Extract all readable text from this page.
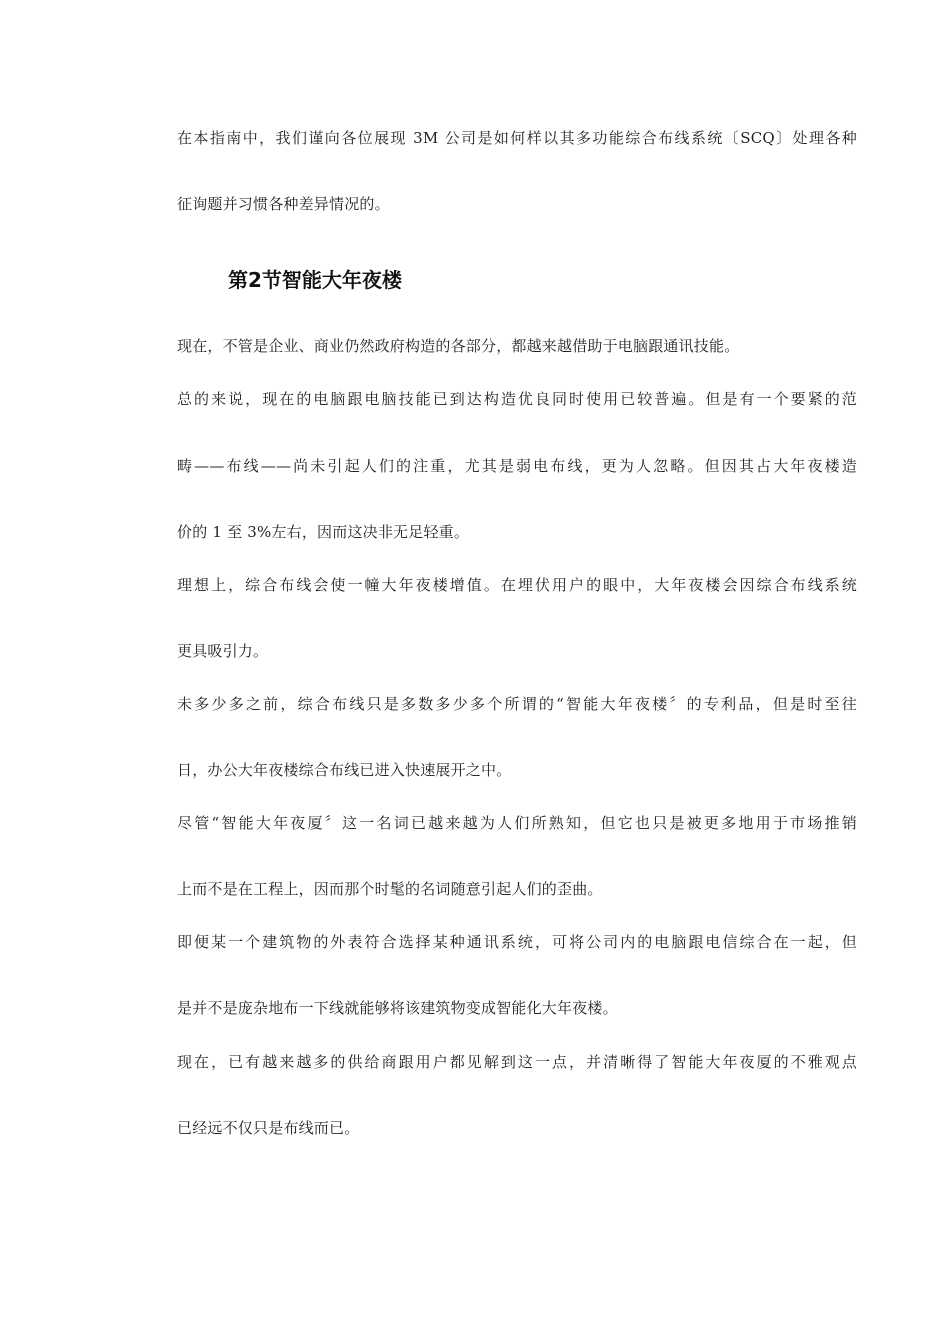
在本指南中，我们谨向各位展现 3M 公司是如何样以其多功能综合布线系统〔SCQ〕处理各种
征询题并习惯各种差异情况的。
第2节智能大年夜楼
现在，不管是企业、商业仍然政府构造的各部分，都越来越借助于电脑跟通讯技能。
总的来说，现在的电脑跟电脑技能已到达构造优良同时使用已较普遍。但是有一个要紧的范
畴——布线——尚未引起人们的注重，尤其是弱电布线，更为人忽略。但因其占大年夜楼造
价的 1 至 3%左右，因而这决非无足轻重。
理想上，综合布线会使一幢大年夜楼增值。在埋伏用户的眼中，大年夜楼会因综合布线系统
更具吸引力。
未多少多之前，综合布线只是多数多少多个所谓的“智能大年夜楼〞的专利品，但是时至往
日，办公大年夜楼综合布线已进入快速展开之中。
尽管“智能大年夜厦〞这一名词已越来越为人们所熟知，但它也只是被更多地用于市场推销
上而不是在工程上，因而那个时髦的名词随意引起人们的歪曲。
即便某一个建筑物的外表符合选择某种通讯系统，可将公司内的电脑跟电信综合在一起，但
是并不是庞杂地布一下线就能够将该建筑物变成智能化大年夜楼。
现在，已有越来越多的供给商跟用户都见解到这一点，并清晰得了智能大年夜厦的不雅观点
已经远不仅只是布线而已。
